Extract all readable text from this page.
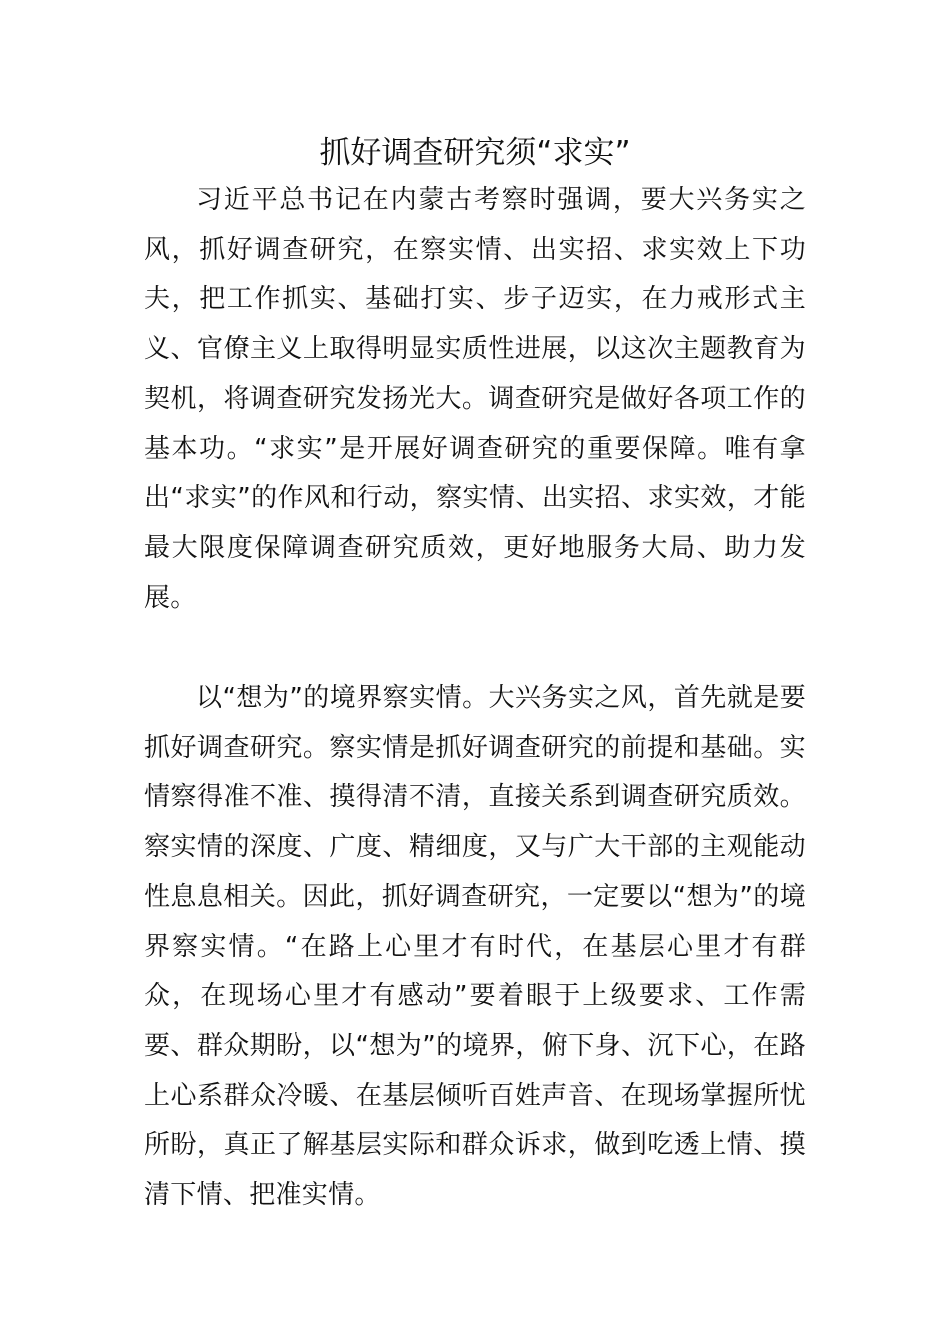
抓好调查研究须“求实”

习近平总书记在内蒙古考察时强调，要大兴务实之风，抓好调查研究，在察实情、出实招、求实效上下功夫，把工作抓实、基础打实、步子迈实，在力戒形式主义、官僚主义上取得明显实质性进展，以这次主题教育为契机，将调查研究发扬光大。调查研究是做好各项工作的基本功。“求实”是开展好调查研究的重要保障。唯有拿出“求实”的作风和行动，察实情、出实招、求实效，才能最大限度保障调查研究质效，更好地服务大局、助力发展。

以“想为”的境界察实情。大兴务实之风，首先就是要抓好调查研究。察实情是抓好调查研究的前提和基础。实情察得准不准、摸得清不清，直接关系到调查研究质效。察实情的深度、广度、精细度，又与广大干部的主观能动性息息相关。因此，抓好调查研究，一定要以“想为”的境界察实情。“在路上心里才有时代，在基层心里才有群众，在现场心里才有感动”要着眼于上级要求、工作需要、群众期盼，以“想为”的境界，俯下身、沉下心，在路上心系群众冷暖、在基层倾听百姓声音、在现场掌握所忧所盼，真正了解基层实际和群众诉求，做到吃透上情、摸清下情、把准实情。
